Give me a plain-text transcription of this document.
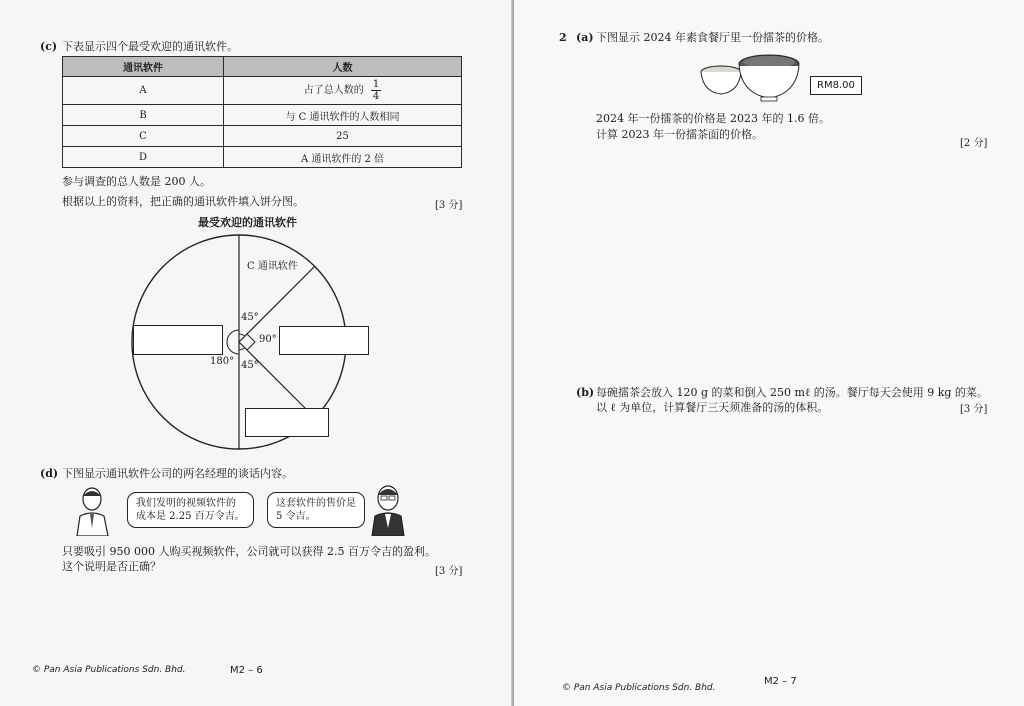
(c) 下表显示四个最受欢迎的通讯软件。
通讯软件	人数
A	占了总人数的 $\frac{1}{4}$

B	与 C 通讯软件的人数相同
C	25
D	A 通讯软件的 2 倍
参与调查的总人数是 200 人。
根据以上的资料，把正确的通讯软件填入饼分图。	[3 分]
最受欢迎的通讯软件
C 通讯软件
45°
90°
180° 45°
(d) 下图显示通讯软件公司的两名经理的谈话内容。
我们发明的视频软件的
成本是 2.25 百万令吉。
这套软件的售价是
5 令吉。
只要吸引 950 000 人购买视频软件，公司就可以获得 2.5 百万令吉的盈利。
这个说明是否正确？	[3 分]
© Pan Asia Publications Sdn. Bhd.	M2 – 6
2 (a) 下图显示 2024 年素食餐厅里一份擂茶的价格。
RM8.00
2024 年一份擂茶的价格是 2023 年的 1.6 倍。
计算 2023 年一份擂茶面的价格。
[2 分]
(b) 每碗擂茶会放入 120 g 的菜和倒入 250 mℓ 的汤。餐厅每天会使用 9 kg 的菜。
以 ℓ 为单位，计算餐厅三天须准备的汤的体积。	[3 分]
© Pan Asia Publications Sdn. Bhd.
M2 – 7
